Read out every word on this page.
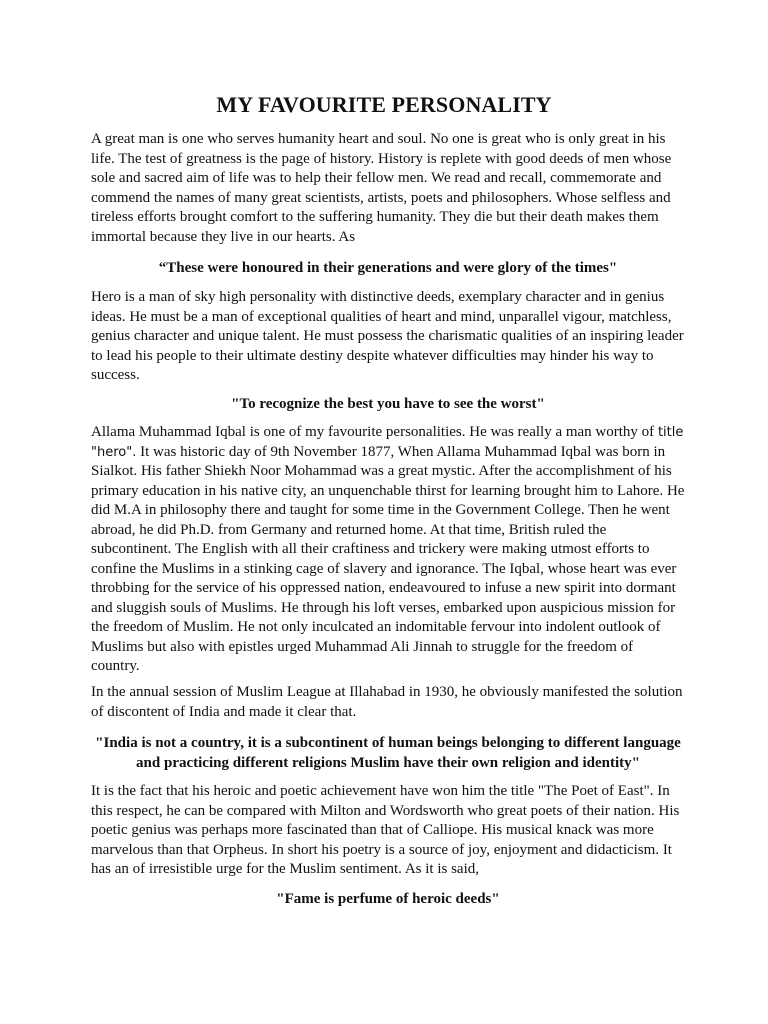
MY FAVOURITE PERSONALITY

A great man is one who serves humanity heart and soul. No one is great who is only great in his life. The test of greatness is the page of history. History is replete with good deeds of men whose sole and sacred aim of life was to help their fellow men. We read and recall, commemorate and commend the names of many great scientists, artists, poets and philosophers. Whose selfless and tireless efforts brought comfort to the suffering humanity. They die but their death makes them immortal because they live in our hearts. As

“These were honoured in their generations and were glory of the times"

Hero is a man of sky high personality with distinctive deeds, exemplary character and in genius ideas. He must be a man of exceptional qualities of heart and mind, unparallel vigour, matchless, genius character and unique talent. He must possess the charismatic qualities of an inspiring leader to lead his people to their ultimate destiny despite whatever difficulties may hinder his way to success.

"To recognize the best you have to see the worst"

Allama Muhammad Iqbal is one of my favourite personalities. He was really a man worthy of title "hero". It was historic day of 9th November 1877, When Allama Muhammad Iqbal was born in Sialkot. His father Shiekh Noor Mohammad was a great mystic. After the accomplishment of his primary education in his native city, an unquenchable thirst for learning brought him to Lahore. He did M.A in philosophy there and taught for some time in the Government College. Then he went abroad, he did Ph.D. from Germany and returned home. At that time, British ruled the subcontinent. The English with all their craftiness and trickery were making utmost efforts to confine the Muslims in a stinking cage of slavery and ignorance. The Iqbal, whose heart was ever throbbing for the service of his oppressed nation, endeavoured to infuse a new spirit into dormant and sluggish souls of Muslims. He through his loft verses, embarked upon auspicious mission for the freedom of Muslim. He not only inculcated an indomitable fervour into indolent outlook of Muslims but also with epistles urged Muhammad Ali Jinnah to struggle for the freedom of country.

In the annual session of Muslim League at Illahabad in 1930, he obviously manifested the solution of discontent of India and made it clear that.

"India is not a country, it is a subcontinent of human beings belonging to different language and practicing different religions Muslim have their own religion and identity"

It is the fact that his heroic and poetic achievement have won him the title "The Poet of East". In this respect, he can be compared with Milton and Wordsworth who great poets of their nation. His poetic genius was perhaps more fascinated than that of Calliope. His musical knack was more marvelous than that Orpheus. In short his poetry is a source of joy, enjoyment and didacticism. It has an of irresistible urge for the Muslim sentiment. As it is said,

"Fame is perfume of heroic deeds"
